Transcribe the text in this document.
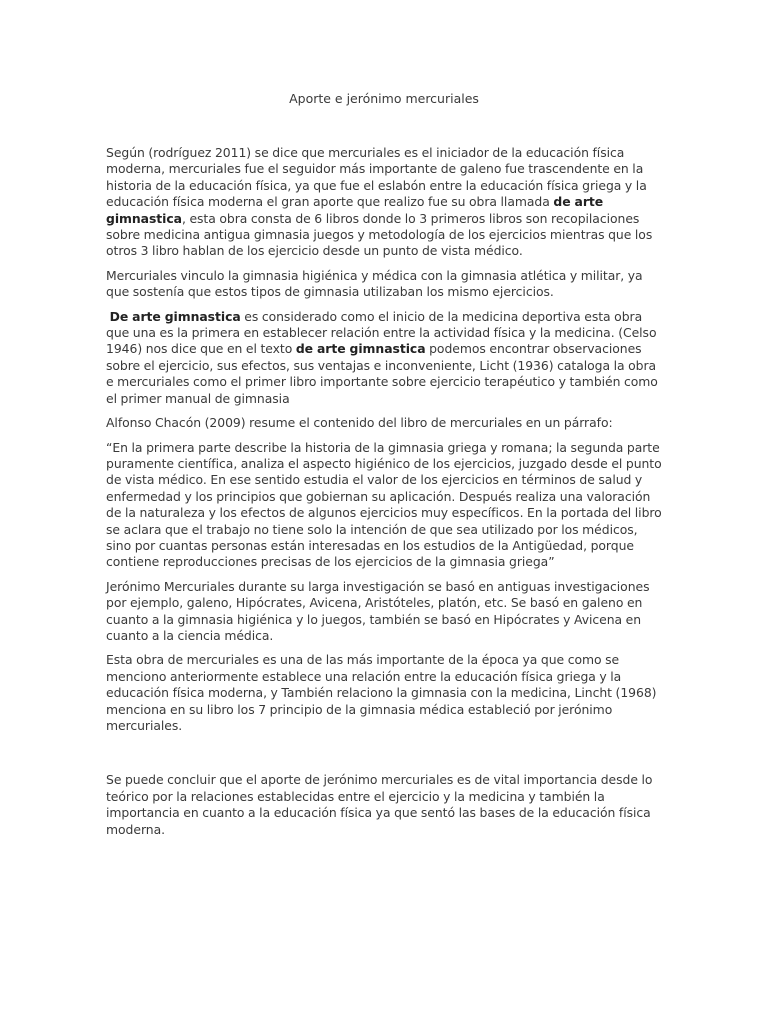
Aporte e jerónimo mercuriales

Según (rodríguez 2011) se dice que mercuriales es el iniciador de la educación física moderna, mercuriales fue el seguidor más importante de galeno fue trascendente en la historia de la educación física, ya que fue el eslabón entre la educación física griega y la educación física moderna el gran aporte que realizo fue su obra llamada de arte gimnastica, esta obra consta de 6 libros donde lo 3 primeros libros son recopilaciones sobre medicina antigua gimnasia juegos y metodología de los ejercicios mientras que los otros 3 libro hablan de los ejercicio desde un punto de vista médico.

Mercuriales vinculo la gimnasia higiénica y médica con la gimnasia atlética y militar, ya que sostenía que estos tipos de gimnasia utilizaban los mismo ejercicios.

De arte gimnastica es considerado como el inicio de la medicina deportiva esta obra que una es la primera en establecer relación entre la actividad física y la medicina. (Celso 1946) nos dice que en el texto de arte gimnastica podemos encontrar observaciones sobre el ejercicio, sus efectos, sus ventajas e inconveniente, Licht (1936) cataloga la obra e mercuriales como el primer libro importante sobre ejercicio terapéutico y también como el primer manual de gimnasia

Alfonso Chacón (2009) resume el contenido del libro de mercuriales en un párrafo:

“En la primera parte describe la historia de la gimnasia griega y romana; la segunda parte puramente científica, analiza el aspecto higiénico de los ejercicios, juzgado desde el punto de vista médico. En ese sentido estudia el valor de los ejercicios en términos de salud y enfermedad y los principios que gobiernan su aplicación. Después realiza una valoración de la naturaleza y los efectos de algunos ejercicios muy específicos. En la portada del libro se aclara que el trabajo no tiene solo la intención de que sea utilizado por los médicos, sino por cuantas personas están interesadas en los estudios de la Antigüedad, porque contiene reproducciones precisas de los ejercicios de la gimnasia griega”

Jerónimo Mercuriales durante su larga investigación se basó en antiguas investigaciones por ejemplo, galeno, Hipócrates, Avicena, Aristóteles, platón, etc. Se basó en galeno en cuanto a la gimnasia higiénica y lo juegos, también se basó en Hipócrates y Avicena en cuanto a la ciencia médica.

Esta obra de mercuriales es una de las más importante de la época ya que como se menciono anteriormente establece una relación entre la educación física griega y la educación física moderna, y También relaciono la gimnasia con la medicina, Lincht (1968) menciona en su libro los 7 principio de la gimnasia médica estableció por jerónimo mercuriales.

Se puede concluir que el aporte de jerónimo mercuriales es de vital importancia desde lo teórico por la relaciones establecidas entre el ejercicio y la medicina y también la importancia en cuanto a la educación física ya que sentó las bases de la educación física moderna.
